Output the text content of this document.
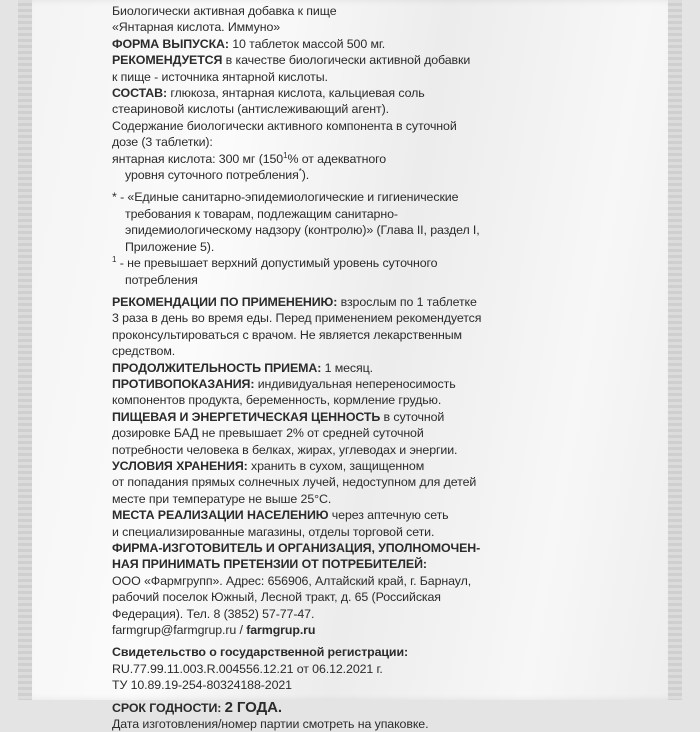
Биологически активная добавка к пище

«Янтарная кислота. Иммуно»

ФОРМА ВЫПУСКА: 10 таблеток массой 500 мг.

РЕКОМЕНДУЕТСЯ в качестве биологически активной добавки

к пище - источника янтарной кислоты.

СОСТАВ: глюкоза, янтарная кислота, кальциевая соль

стеариновой кислоты (антислеживающий агент).

Содержание биологически активного компонента в суточной

дозе (3 таблетки):

янтарная кислота: 300 мг ($150^1\%$ от адекватного

уровня суточного потребления*).

* - «Единые санитарно-эпидемиологические и гигиенические

требования к товарам, подлежащим санитарно-

эпидемиологическому надзору (контролю)» (Глава II, раздел I,

Приложение 5).

$^1$ - не превышает верхний допустимый уровень суточного

потребления

РЕКОМЕНДАЦИИ ПО ПРИМЕНЕНИЮ: взрослым по 1 таблетке

3 раза в день во время еды. Перед применением рекомендуется

проконсультироваться с врачом. Не является лекарственным

средством.

ПРОДОЛЖИТЕЛЬНОСТЬ ПРИЕМА: 1 месяц.

ПРОТИВОПОКАЗАНИЯ: индивидуальная непереносимость

компонентов продукта, беременность, кормление грудью.

ПИЩЕВАЯ И ЭНЕРГЕТИЧЕСКАЯ ЦЕННОСТЬ в суточной

дозировке БАД не превышает 2% от средней суточной

потребности человека в белках, жирах, углеводах и энергии.

УСЛОВИЯ ХРАНЕНИЯ: хранить в сухом, защищенном

от попадания прямых солнечных лучей, недоступном для детей

месте при температуре не выше 25°С.

МЕСТА РЕАЛИЗАЦИИ НАСЕЛЕНИЮ через аптечную сеть

и специализированные магазины, отделы торговой сети.

ФИРМА-ИЗГОТОВИТЕЛЬ И ОРГАНИЗАЦИЯ, УПОЛНОМОЧЕН-

НАЯ ПРИНИМАТЬ ПРЕТЕНЗИИ ОТ ПОТРЕБИТЕЛЕЙ:

ООО «Фармгрупп». Адрес: 656906, Алтайский край, г. Барнаул,

рабочий поселок Южный, Лесной тракт, д. 65 (Российская

Федерация). Тел. 8 (3852) 57-77-47.

farmgrup@farmgrup.ru / farmgrup.ru

Свидетельство о государственной регистрации:

RU.77.99.11.003.R.004556.12.21 от 06.12.2021 г.

ТУ 10.89.19-254-80324188-2021

СРОК ГОДНОСТИ: 2 ГОДА.

Дата изготовления/номер партии смотреть на упаковке.
